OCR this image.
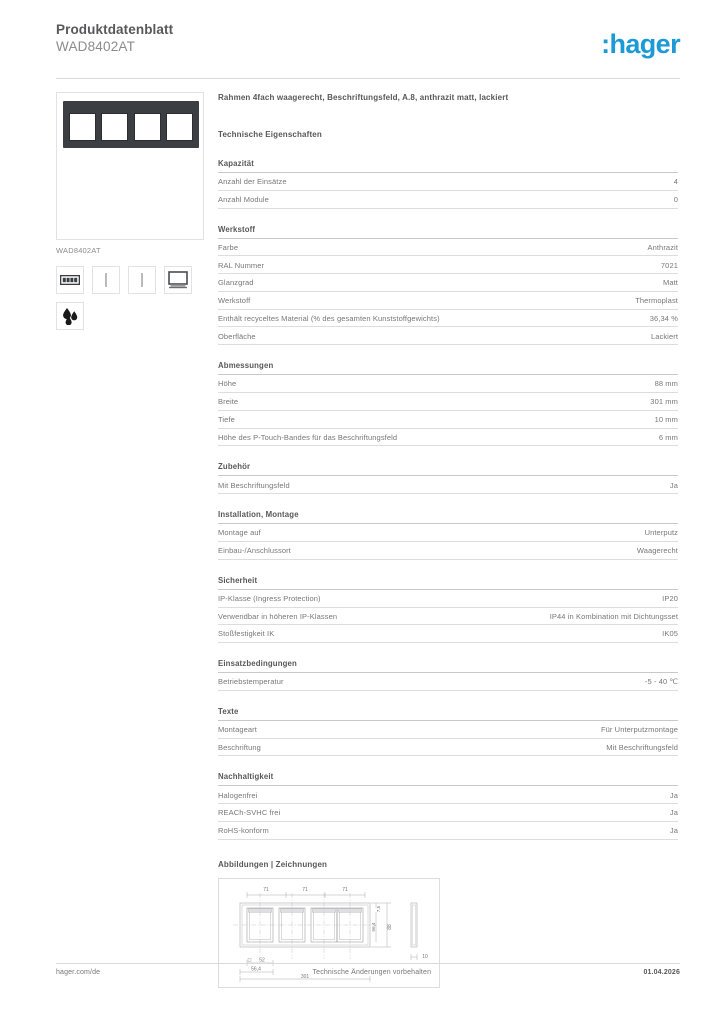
Produktdatenblatt
WAD8402AT	:hager
WAD8402AT
Rahmen 4fach waagerecht, Beschriftungsfeld, A.8, anthrazit matt, lackiert
Technische Eigenschaften
Kapazität
Anzahl der Einsätze	4
Anzahl Module	0
Werkstoff
Farbe	Anthrazit
RAL Nummer	7021
Glanzgrad	Matt
Werkstoff	Thermoplast
Enthält recyceltes Material (% des gesamten Kunststoffgewichts)	36,34 %
Oberfläche	Lackiert
Abmessungen
Höhe	88 mm
Breite	301 mm
Tiefe	10 mm
Höhe des P-Touch-Bandes für das Beschriftungsfeld	6 mm
Zubehör
Mit Beschriftungsfeld	Ja
Installation, Montage
Montage auf	Unterputz
Einbau-/Anschlussort	Waagerecht
Sicherheit
IP-Klasse (Ingress Protection)	IP20
Verwendbar in höheren IP-Klassen	IP44 in Kombination mit Dichtungsset
Stoßfestigkeit IK	IK05
Einsatzbedingungen
Betriebstemperatur	-5 - 40 ℃
Texte
Montageart	Für Unterputzmontage
Beschriftung	Mit Beschriftungsfeld
Nachhaltigkeit
Halogenfrei	Ja
REACh-SVHC frei	Ja
RoHS-konform	Ja
Abbildungen | Zeichnungen
71	71	71
7,5
56,4 88
52
56,4
301
10
hager.com/de	Technische Änderungen vorbehalten	01.04.2026
